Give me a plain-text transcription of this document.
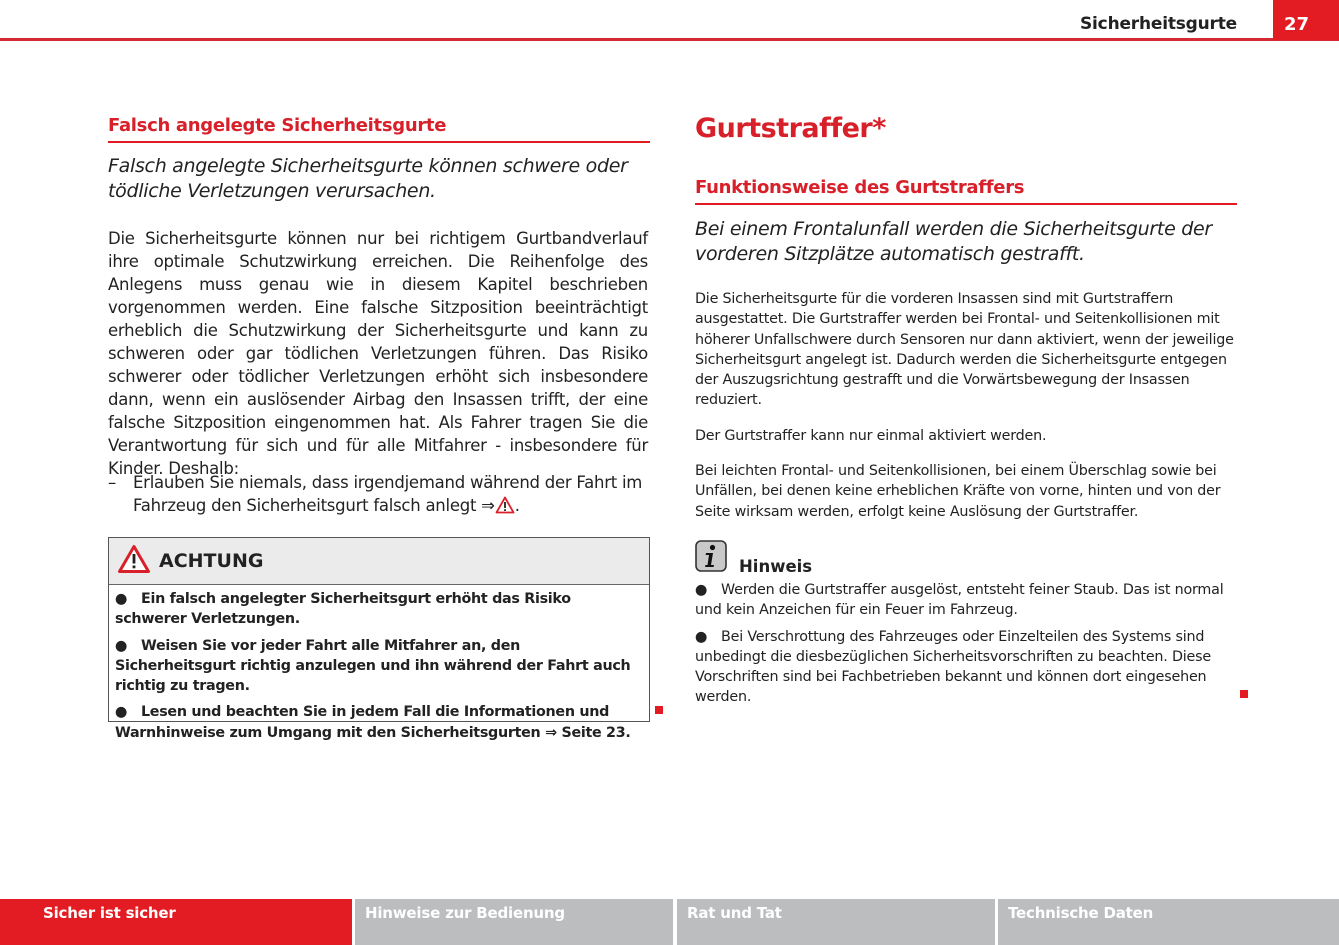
Sicherheitsgurte	27
Falsch angelegte Sicherheitsgurte
Falsch angelegte Sicherheitsgurte können schwere oder tödliche Verletzungen verursachen.
Die Sicherheitsgurte können nur bei richtigem Gurtbandverlauf ihre optimale Schutzwirkung erreichen. Die Reihenfolge des Anlegens muss genau wie in diesem Kapitel beschrieben vorgenommen werden. Eine falsche Sitzposition beeinträchtigt erheblich die Schutzwirkung der Sicherheitsgurte und kann zu schweren oder gar tödlichen Verletzungen führen. Das Risiko schwerer oder tödlicher Verletzungen erhöht sich insbesondere dann, wenn ein auslösender Airbag den Insassen trifft, der eine falsche Sitzposition eingenommen hat. Als Fahrer tragen Sie die Verantwortung für sich und für alle Mitfahrer - insbesondere für Kinder. Deshalb:
–	Erlauben Sie niemals, dass irgendjemand während der Fahrt im Fahrzeug den Sicherheitsgurt falsch anlegt ⇒ .
ACHTUNG

● Ein falsch angelegter Sicherheitsgurt erhöht das Risiko schwerer Verletzungen.

● Weisen Sie vor jeder Fahrt alle Mitfahrer an, den Sicherheitsgurt richtig anzulegen und ihn während der Fahrt auch richtig zu tragen.

● Lesen und beachten Sie in jedem Fall die Informationen und Warnhinweise zum Umgang mit den Sicherheitsgurten ⇒ Seite 23.

Gurtstraffer*
Funktionsweise des Gurtstraffers
Bei einem Frontalunfall werden die Sicherheitsgurte der vorderen Sitzplätze automatisch gestrafft.
Die Sicherheitsgurte für die vorderen Insassen sind mit Gurtstraffern ausgestattet. Die Gurtstraffer werden bei Frontal- und Seitenkollisionen mit höherer Unfallschwere durch Sensoren nur dann aktiviert, wenn der jeweilige Sicherheitsgurt angelegt ist. Dadurch werden die Sicherheitsgurte entgegen der Auszugsrichtung gestrafft und die Vorwärtsbewegung der Insassen reduziert.
Der Gurtstraffer kann nur einmal aktiviert werden.
Bei leichten Frontal- und Seitenkollisionen, bei einem Überschlag sowie bei Unfällen, bei denen keine erheblichen Kräfte von vorne, hinten und von der Seite wirksam werden, erfolgt keine Auslösung der Gurtstraffer.
Hinweis

● Werden die Gurtstraffer ausgelöst, entsteht feiner Staub. Das ist normal und kein Anzeichen für ein Feuer im Fahrzeug.

● Bei Verschrottung des Fahrzeuges oder Einzelteilen des Systems sind unbedingt die diesbezüglichen Sicherheitsvorschriften zu beachten. Diese Vorschriften sind bei Fachbetrieben bekannt und können dort eingesehen werden.

Sicher ist sicher	Hinweise zur Bedienung	Rat und Tat	Technische Daten
